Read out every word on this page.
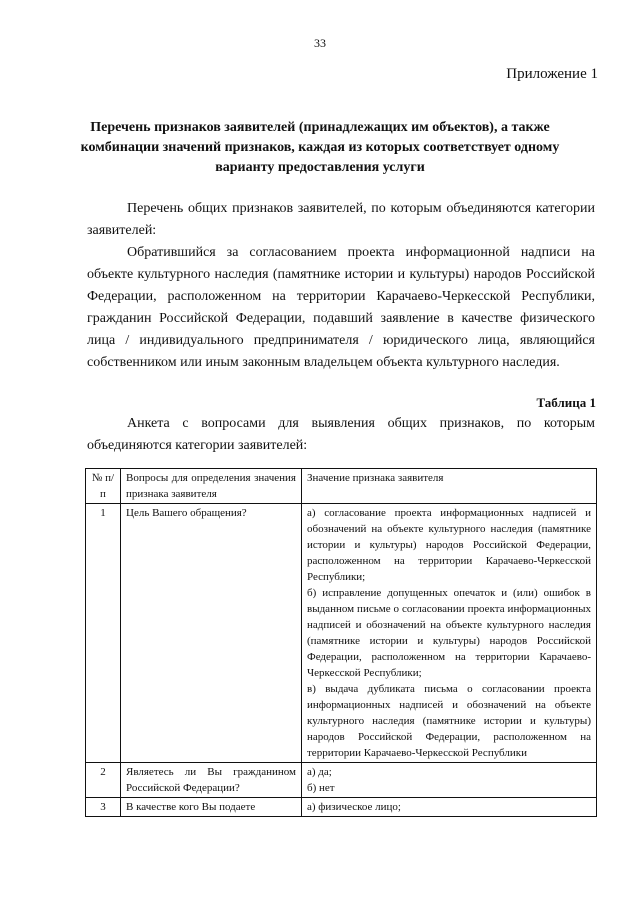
33
Приложение 1
Перечень признаков заявителей (принадлежащих им объектов), а также комбинации значений признаков, каждая из которых соответствует одному варианту предоставления услуги

Перечень общих признаков заявителей, по которым объединяются категории заявителей:

Обратившийся за согласованием проекта информационной надписи на объекте культурного наследия (памятнике истории и культуры) народов Российской Федерации, расположенном на территории Карачаево-Черкесской Республики, гражданин Российской Федерации, подавший заявление в качестве физического лица / индивидуального предпринимателя / юридического лица, являющийся собственником или иным законным владельцем объекта культурного наследия.

Таблица 1

Анкета с вопросами для выявления общих признаков, по которым объединяются категории заявителей:

№ п/п	Вопросы для определения значения признака заявителя	Значение признака заявителя
1	Цель Вашего обращения?	а) согласование проекта информационных надписей и обозначений на объекте культурного наследия (памятнике истории и культуры) народов Российской Федерации, расположенном на территории Карачаево-Черкесской Республики;
б) исправление допущенных опечаток и (или) ошибок в выданном письме о согласовании проекта информационных надписей и обозначений на объекте культурного наследия (памятнике истории и культуры) народов Российской Федерации, расположенном на территории Карачаево-Черкесской Республики;
в) выдача дубликата письма о согласовании проекта информационных надписей и обозначений на объекте культурного наследия (памятнике истории и культуры) народов Российской Федерации, расположенном на территории Карачаево-Черкесской Республики

2	Являетесь ли Вы гражданином Российской Федерации?	а) да;
б) нет

3	В качестве кого Вы подаете	а) физическое лицо;
